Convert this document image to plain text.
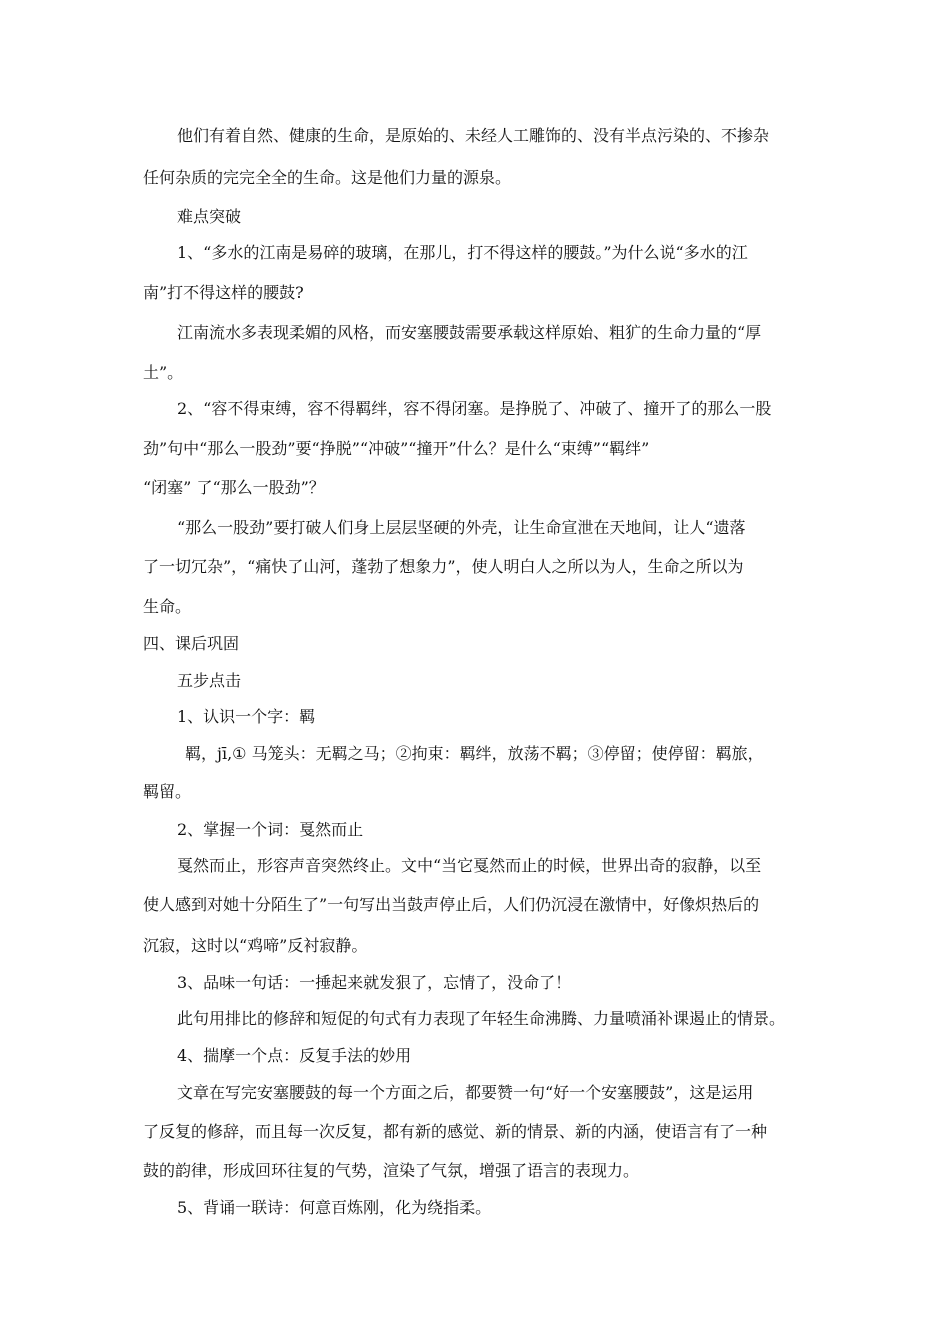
他们有着自然、健康的生命，是原始的、未经人工雕饰的、没有半点污染的、不掺杂
任何杂质的完完全全的生命。这是他们力量的源泉。
难点突破
1、“多水的江南是易碎的玻璃，在那儿，打不得这样的腰鼓。”为什么说“多水的江
南”打不得这样的腰鼓?
江南流水多表现柔媚的风格，而安塞腰鼓需要承载这样原始、粗犷的生命力量的“厚
土”。
2、“容不得束缚，容不得羁绊，容不得闭塞。是挣脱了、冲破了、撞开了的那么一股
劲”句中“那么一股劲”要“挣脱”“冲破”“撞开”什么？是什么“束缚”“羁绊”
“闭塞” 了“那么一股劲”？
“那么一股劲”要打破人们身上层层坚硬的外壳，让生命宣泄在天地间，让人“遗落
了一切冗杂”，“痛快了山河，蓬勃了想象力”，使人明白人之所以为人，生命之所以为
生命。
四、课后巩固
五步点击
1、认识一个字：羁
羁，jī,① 马笼头：无羁之马；②拘束：羁绊，放荡不羁；③停留；使停留：羁旅，
羁留。
2、掌握一个词：戛然而止
戛然而止，形容声音突然终止。文中“当它戛然而止的时候，世界出奇的寂静，以至
使人感到对她十分陌生了”一句写出当鼓声停止后，人们仍沉浸在激情中，好像炽热后的
沉寂，这时以“鸡啼”反衬寂静。
3、品味一句话：一捶起来就发狠了，忘情了，没命了！
此句用排比的修辞和短促的句式有力表现了年轻生命沸腾、力量喷涌补课遏止的情景。
4、揣摩一个点：反复手法的妙用
文章在写完安塞腰鼓的每一个方面之后，都要赞一句“好一个安塞腰鼓”，这是运用
了反复的修辞，而且每一次反复，都有新的感觉、新的情景、新的内涵，使语言有了一种
鼓的韵律，形成回环往复的气势，渲染了气氛，增强了语言的表现力。
5、背诵一联诗：何意百炼刚，化为绕指柔。
